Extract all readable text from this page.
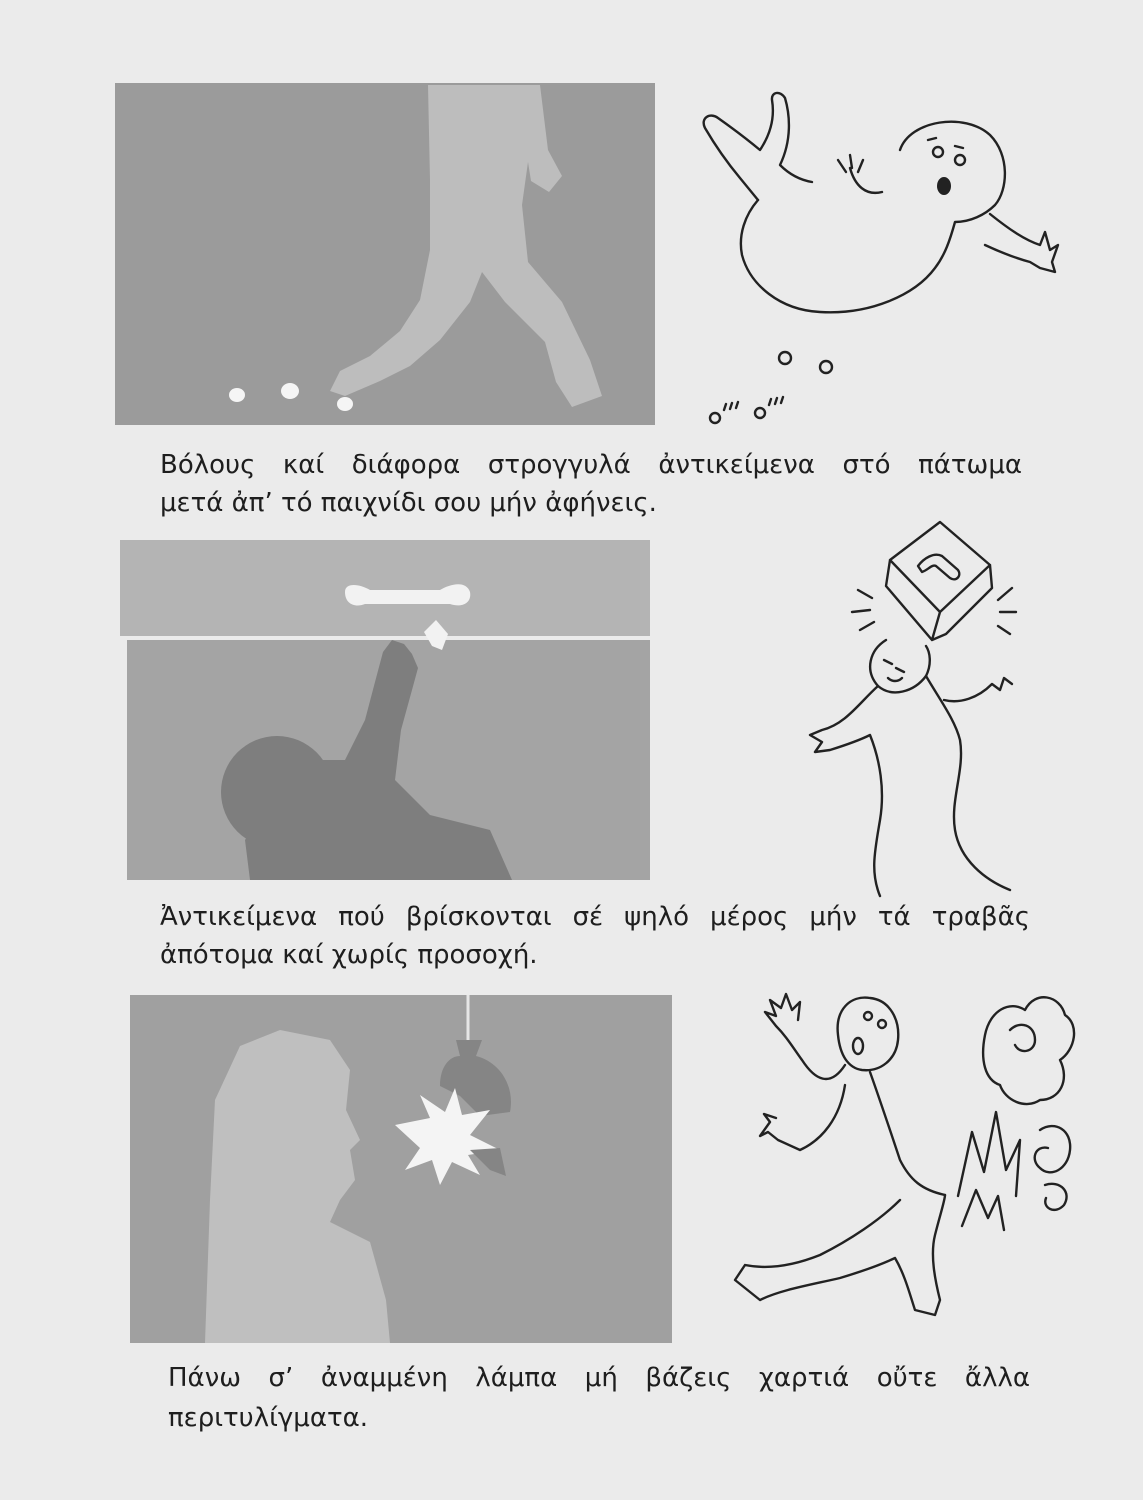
Βόλους καί διάφορα στρογγυλά ἀντικείμενα στό πάτωμα
μετά ἀπ’ τό παιχνίδι σου μήν ἀφήνεις.
Ἀντικείμενα πού βρίσκονται σέ ψηλό μέρος μήν τά τραβᾶς
ἀπότομα καί χωρίς προσοχή.
Πάνω σ’ ἀναμμένη λάμπα μή βάζεις χαρτιά οὔτε ἄλλα
περιτυλίγματα.
